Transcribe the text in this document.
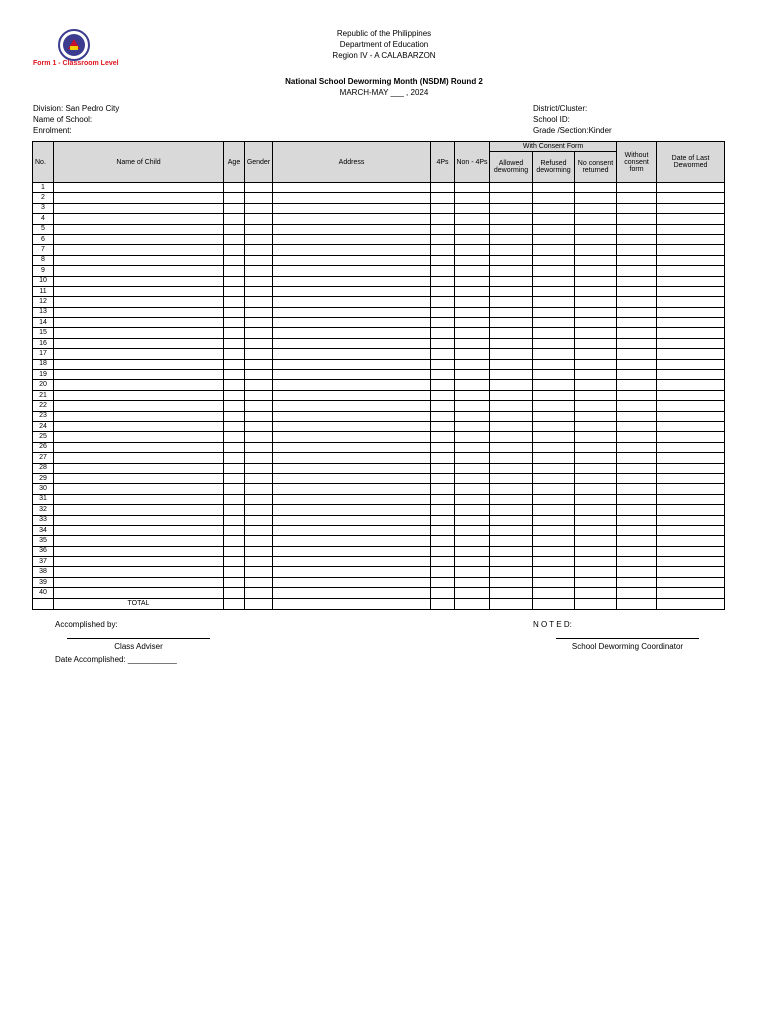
Form 1 - Classroom Level
Republic of the Philippines
Department of Education
Region IV - A CALABARZON
National School Deworming Month (NSDM) Round 2
MARCH-MAY ___ , 2024
Division: San Pedro City
Name of School:
Enrolment:
District/Cluster:
School ID:
Grade /Section:Kinder
No.	Name of Child	Age	Gender	Address	4Ps	Non - 4Ps	With Consent Form			Without consent form	Date of Last Dewormed
							Allowed deworming	Refused deworming	No consent returned		
1											
2											
3											
4											
5											
6											
7											
8											
9											
10											
11											
12											
13											
14											
15											
16											
17											
18											
19											
20											
21											
22											
23											
24											
25											
26											
27											
28											
29											
30											
31											
32											
33											
34											
35											
36											
37											
38											
39											
40											
	TOTAL										
Accomplished by:	N O T E D:
Class Adviser	School Deworming Coordinator
Date Accomplished: ___________
